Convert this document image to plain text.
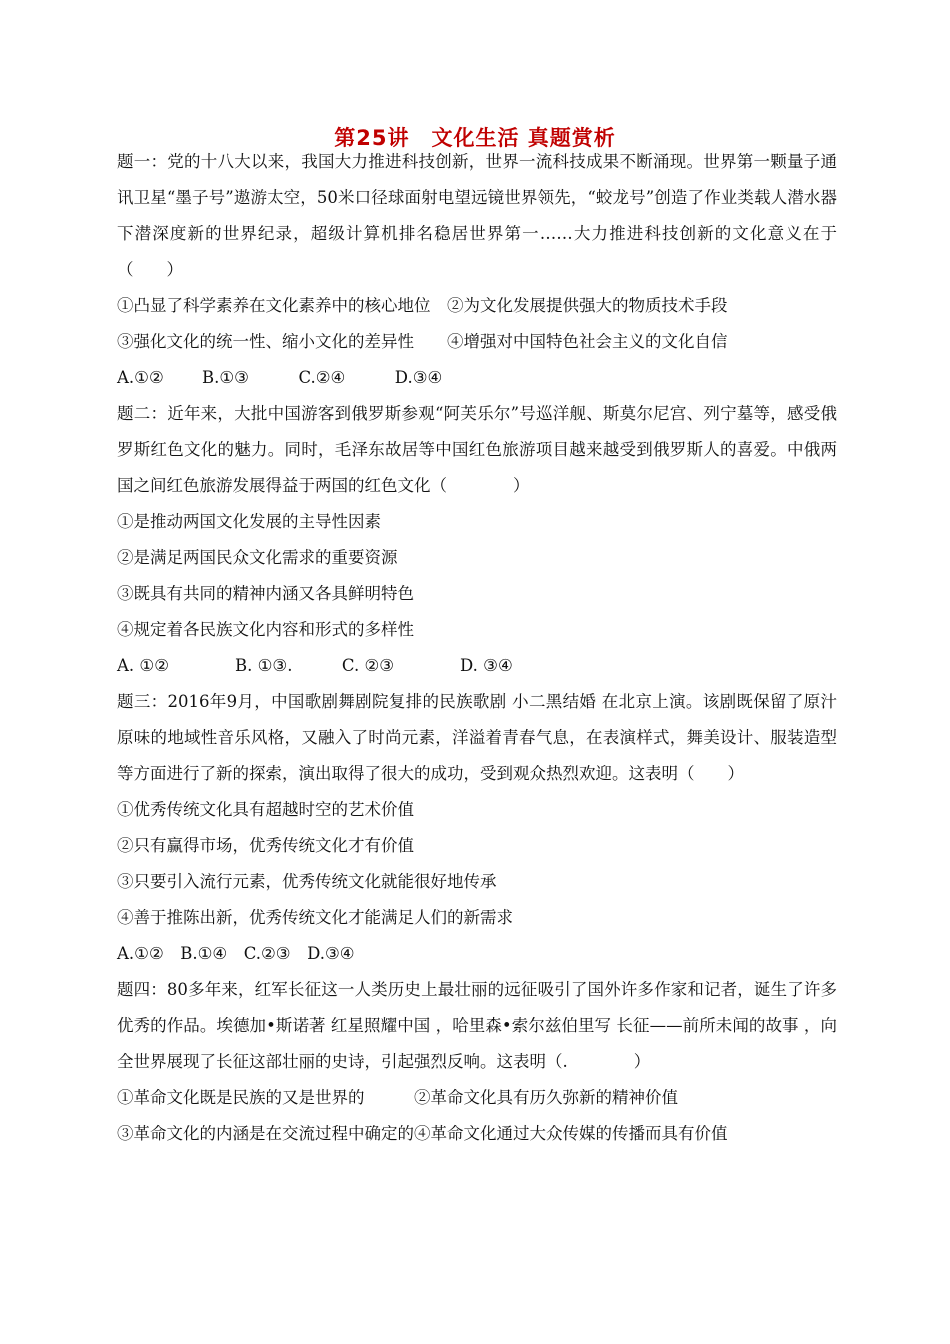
第25讲　文化生活 真题赏析

题一：党的十八大以来，我国大力推进科技创新，世界一流科技成果不断涌现。世界第一颗量子通讯卫星“墨子号”遨游太空，50米口径球面射电望远镜世界领先，“蛟龙号”创造了作业类载人潜水器下潜深度新的世界纪录，超级计算机排名稳居世界第一……大力推进科技创新的文化意义在于（　　）

①凸显了科学素养在文化素养中的核心地位　②为文化发展提供强大的物质技术手段

③强化文化的统一性、缩小文化的差异性　　④增强对中国特色社会主义的文化自信

A.①②　　 B.①③　　　C.②④　　　D.③④

题二：近年来，大批中国游客到俄罗斯参观“阿芙乐尔”号巡洋舰、斯莫尔尼宫、列宁墓等，感受俄罗斯红色文化的魅力。同时，毛泽东故居等中国红色旅游项目越来越受到俄罗斯人的喜爱。中俄两国之间红色旅游发展得益于两国的红色文化（　　　　）

①是推动两国文化发展的主导性因素

②是满足两国民众文化需求的重要资源

③既具有共同的精神内涵又各具鲜明特色

④规定着各民族文化内容和形式的多样性

A. ①②　　　　B. ①③.　　　C. ②③　　　　D. ③④

题三：2016年9月，中国歌剧舞剧院复排的民族歌剧 小二黑结婚 在北京上演。该剧既保留了原汁原味的地域性音乐风格，又融入了时尚元素，洋溢着青春气息，在表演样式，舞美设计、服装造型等方面进行了新的探索，演出取得了很大的成功，受到观众热烈欢迎。这表明（　　）

①优秀传统文化具有超越时空的艺术价值

②只有赢得市场，优秀传统文化才有价值

③只要引入流行元素，优秀传统文化就能很好地传承

④善于推陈出新，优秀传统文化才能满足人们的新需求

A.①②　B.①④　C.②③　D.③④

题四：80多年来，红军长征这一人类历史上最壮丽的远征吸引了国外许多作家和记者，诞生了许多优秀的作品。埃德加•斯诺著 红星照耀中国 ，哈里森•索尔兹伯里写 长征——前所未闻的故事 ，向全世界展现了长征这部壮丽的史诗，引起强烈反响。这表明（.　　　　）

①革命文化既是民族的又是世界的　　　②革命文化具有历久弥新的精神价值

③革命文化的内涵是在交流过程中确定的④革命文化通过大众传媒的传播而具有价值
